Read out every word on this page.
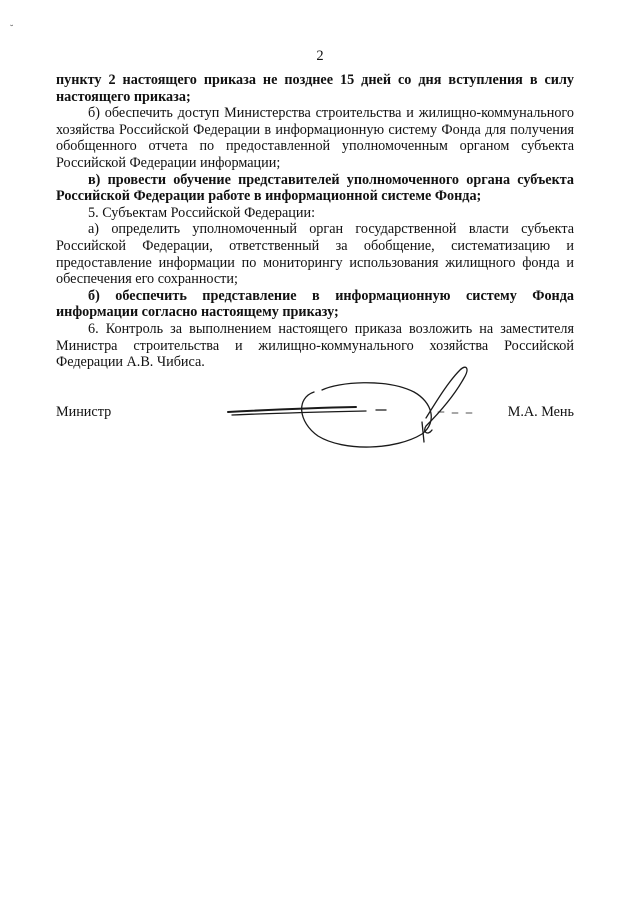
˘
2

пункту 2 настоящего приказа не позднее 15 дней со дня вступления в силу настоящего приказа;

б) обеспечить доступ Министерства строительства и жилищно-коммунального хозяйства Российской Федерации в информационную систему Фонда для получения обобщенного отчета по предоставленной уполномоченным органом субъекта Российской Федерации информации;

в) провести обучение представителей уполномоченного органа субъекта Российской Федерации работе в информационной системе Фонда;

5. Субъектам Российской Федерации:

а) определить уполномоченный орган государственной власти субъекта Российской Федерации, ответственный за обобщение, систематизацию и предоставление информации по мониторингу использования жилищного фонда и обеспечения его сохранности;

б) обеспечить представление в информационную систему Фонда информации согласно настоящему приказу;

6. Контроль за выполнением настоящего приказа возложить на заместителя Министра строительства и жилищно-коммунального хозяйства Российской Федерации А.В. Чибиса.

Министр	М.А. Мень
